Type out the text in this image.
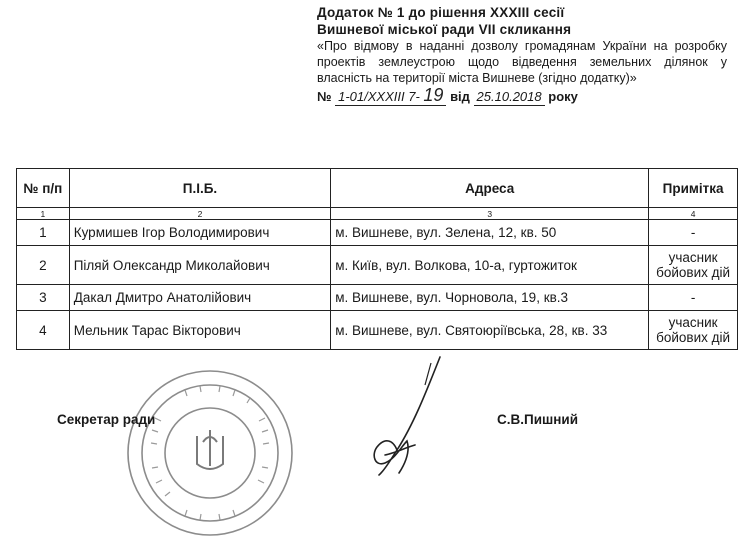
Додаток № 1 до рішення XXXIII сесії
Вишневої міської ради VII скликання
«Про відмову в наданні дозволу громадянам України на розробку проектів землеустрою щодо відведення земельних ділянок у власність на території міста Вишневе (згідно додатку)»
№ 1-01/XXXIII 7- 19 від 25.10.2018 року
№ п/п	П.І.Б.	Адреса	Примітка
1	2	3	4
1	Курмишев Ігор Володимирович	м. Вишневе, вул. Зелена, 12, кв. 50	-
2	Піляй Олександр Миколайович	м. Київ, вул. Волкова, 10-а, гуртожиток	учасник
бойових дій

3	Дакал Дмитро Анатолійович	м. Вишневе, вул. Чорновола, 19, кв.3	-
4	Мельник Тарас Вікторович	м. Вишневе, вул. Святоюріївська, 28, кв. 33	учасник
бойових дій
Секретар ради	С.В.Пишний
